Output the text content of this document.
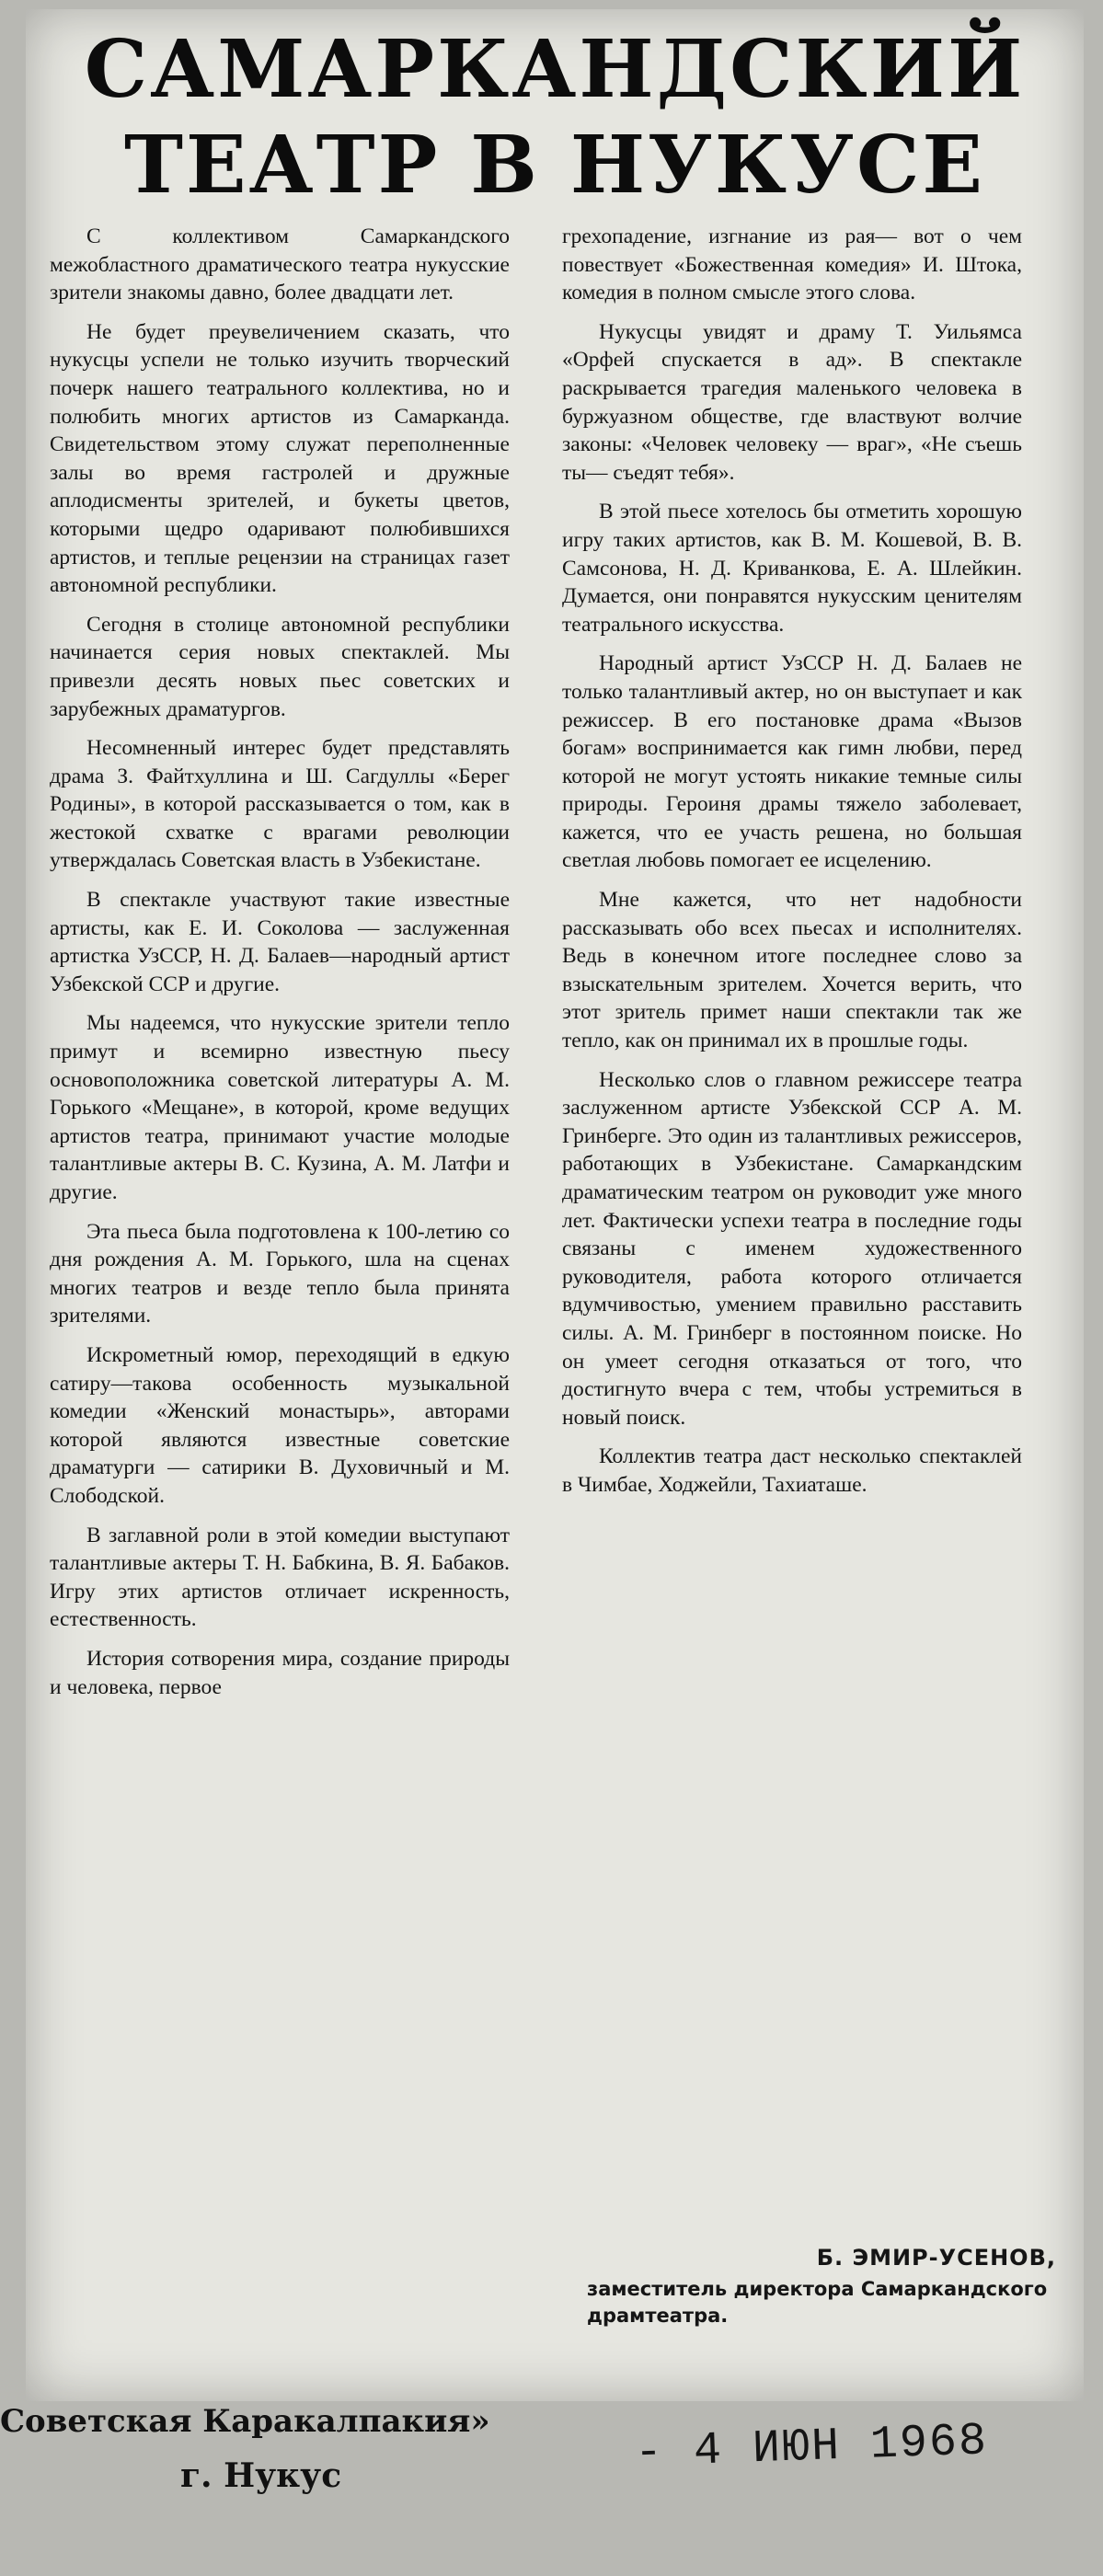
САМАРКАНДСКИЙ
ТЕАТР В НУКУСЕ

С коллективом Самаркандского межобластного драматического театра нукусские зрители знакомы давно, более двадцати лет.

Не будет преувеличением сказать, что нукусцы успели не только изучить творческий почерк нашего театрального коллектива, но и полюбить многих артистов из Самарканда. Свидетельством этому служат переполненные залы во время гастролей и дружные аплодисменты зрителей, и букеты цветов, которыми щедро одаривают полюбившихся артистов, и теплые рецензии на страницах газет автономной республики.

Сегодня в столице автономной республики начинается серия новых спектаклей. Мы привезли десять новых пьес советских и зарубежных драматургов.

Несомненный интерес будет представлять драма З. Файтхуллина и Ш. Сагдуллы «Берег Родины», в которой рассказывается о том, как в жестокой схватке с врагами революции утверждалась Советская власть в Узбекистане.

В спектакле участвуют такие известные артисты, как Е. И. Соколова — заслуженная артистка УзССР, Н. Д. Балаев—народный артист Узбекской ССР и другие.

Мы надеемся, что нукусские зрители тепло примут и всемирно известную пьесу основоположника советской литературы А. М. Горького «Мещане», в которой, кроме ведущих артистов театра, принимают участие молодые талантливые актеры В. С. Кузина, А. М. Латфи и другие.

Эта пьеса была подготовлена к 100-летию со дня рождения А. М. Горького, шла на сценах многих театров и везде тепло была принята зрителями.

Искрометный юмор, переходящий в едкую сатиру—такова особенность музыкальной комедии «Женский монастырь», авторами которой являются известные советские драматурги — сатирики В. Духовичный и М. Слободской.

В заглавной роли в этой комедии выступают талантливые актеры Т. Н. Бабкина, В. Я. Бабаков. Игру этих артистов отличает искренность, естественность.

История сотворения мира, создание природы и человека, первое

грехопадение, изгнание из рая— вот о чем повествует «Божественная комедия» И. Штока, комедия в полном смысле этого слова.

Нукусцы увидят и драму Т. Уильямса «Орфей спускается в ад». В спектакле раскрывается трагедия маленького человека в буржуазном обществе, где властвуют волчие законы: «Человек человеку — враг», «Не съешь ты— съедят тебя».

В этой пьесе хотелось бы отметить хорошую игру таких артистов, как В. М. Кошевой, В. В. Самсонова, Н. Д. Криванкова, Е. А. Шлейкин. Думается, они понравятся нукусским ценителям театрального искусства.

Народный артист УзССР Н. Д. Балаев не только талантливый актер, но он выступает и как режиссер. В его постановке драма «Вызов богам» воспринимается как гимн любви, перед которой не могут устоять никакие темные силы природы. Героиня драмы тяжело заболевает, кажется, что ее участь решена, но большая светлая любовь помогает ее исцелению.

Мне кажется, что нет надобности рассказывать обо всех пьесах и исполнителях. Ведь в конечном итоге последнее слово за взыскательным зрителем. Хочется верить, что этот зритель примет наши спектакли так же тепло, как он принимал их в прошлые годы.

Несколько слов о главном режиссере театра заслуженном артисте Узбекской ССР А. М. Гринберге. Это один из талантливых режиссеров, работающих в Узбекистане. Самаркандским драматическим театром он руководит уже много лет. Фактически успехи театра в последние годы связаны с именем художественного руководителя, работа которого отличается вдумчивостью, умением правильно расставить силы. А. М. Гринберг в постоянном поиске. Но он умеет сегодня отказаться от того, что достигнуто вчера с тем, чтобы устремиться в новый поиск.

Коллектив театра даст несколько спектаклей в Чимбае, Ходжейли, Тахиаташе.

Б. ЭМИР-УСЕНОВ,

заместитель директора Самаркандского драмтеатра.

Советская Каракалпакия»
г. Нукус	- 4 ИЮН 1968
